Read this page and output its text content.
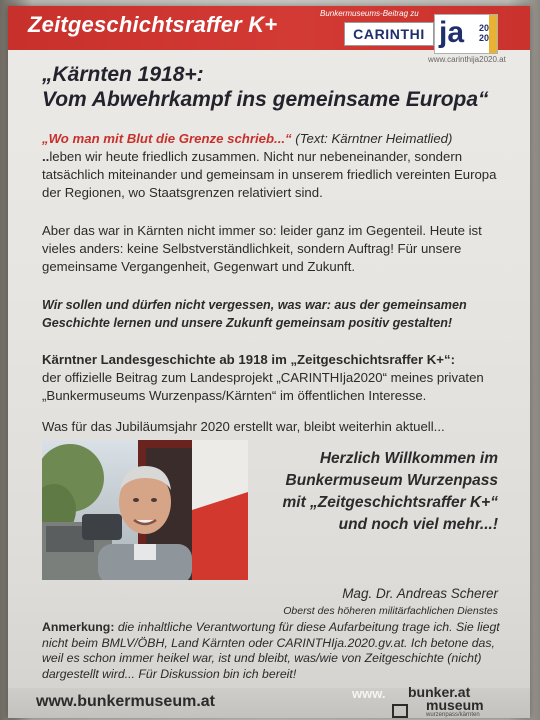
Zeitgeschichtsraffer K+	Bunkermuseums-Beitrag zu
CARINTHI ja 20
20
www.carinthija2020.at
„Kärnten 1918+:
Vom Abwehrkampf ins gemeinsame Europa“
„Wo man mit Blut die Grenze schrieb...“ (Text: Kärntner Heimatlied)
..leben wir heute friedlich zusammen. Nicht nur nebeneinander, sondern tatsächlich miteinander und gemeinsam in unserem friedlich vereinten Europa der Regionen, wo Staatsgrenzen relativiert sind.
Aber das war in Kärnten nicht immer so: leider ganz im Gegenteil. Heute ist vieles anders: keine Selbstverständlichkeit, sondern Auftrag! Für unsere gemeinsame Vergangenheit, Gegenwart und Zukunft.
Wir sollen und dürfen nicht vergessen, was war: aus der gemeinsamen Geschichte lernen und unsere Zukunft gemeinsam positiv gestalten!
Kärntner Landesgeschichte ab 1918 im „Zeitgeschichtsraffer K+“:
der offizielle Beitrag zum Landesprojekt „CARINTHIja2020“ meines privaten „Bunkermuseums Wurzenpass/Kärnten“ im öffentlichen Interesse.
Was für das Jubiläumsjahr 2020 erstellt war, bleibt weiterhin aktuell...
Herzlich Willkommen im
Bunkermuseum Wurzenpass
mit „Zeitgeschichtsraffer K+“
und noch viel mehr...!
Mag. Dr. Andreas Scherer
Oberst des höheren militärfachlichen Dienstes
Anmerkung: die inhaltliche Verantwortung für diese Aufarbeitung trage ich. Sie liegt nicht beim BMLV/ÖBH, Land Kärnten oder CARINTHIja.2020.gv.at. Ich betone das, weil es schon immer heikel war, ist und bleibt, was/wie von Zeitgeschichte (nicht) dargestellt wird... Für Diskussion bin ich bereit!
www.bunkermuseum.at	www. bunker.at
museum
wurzenpass/kärnten
